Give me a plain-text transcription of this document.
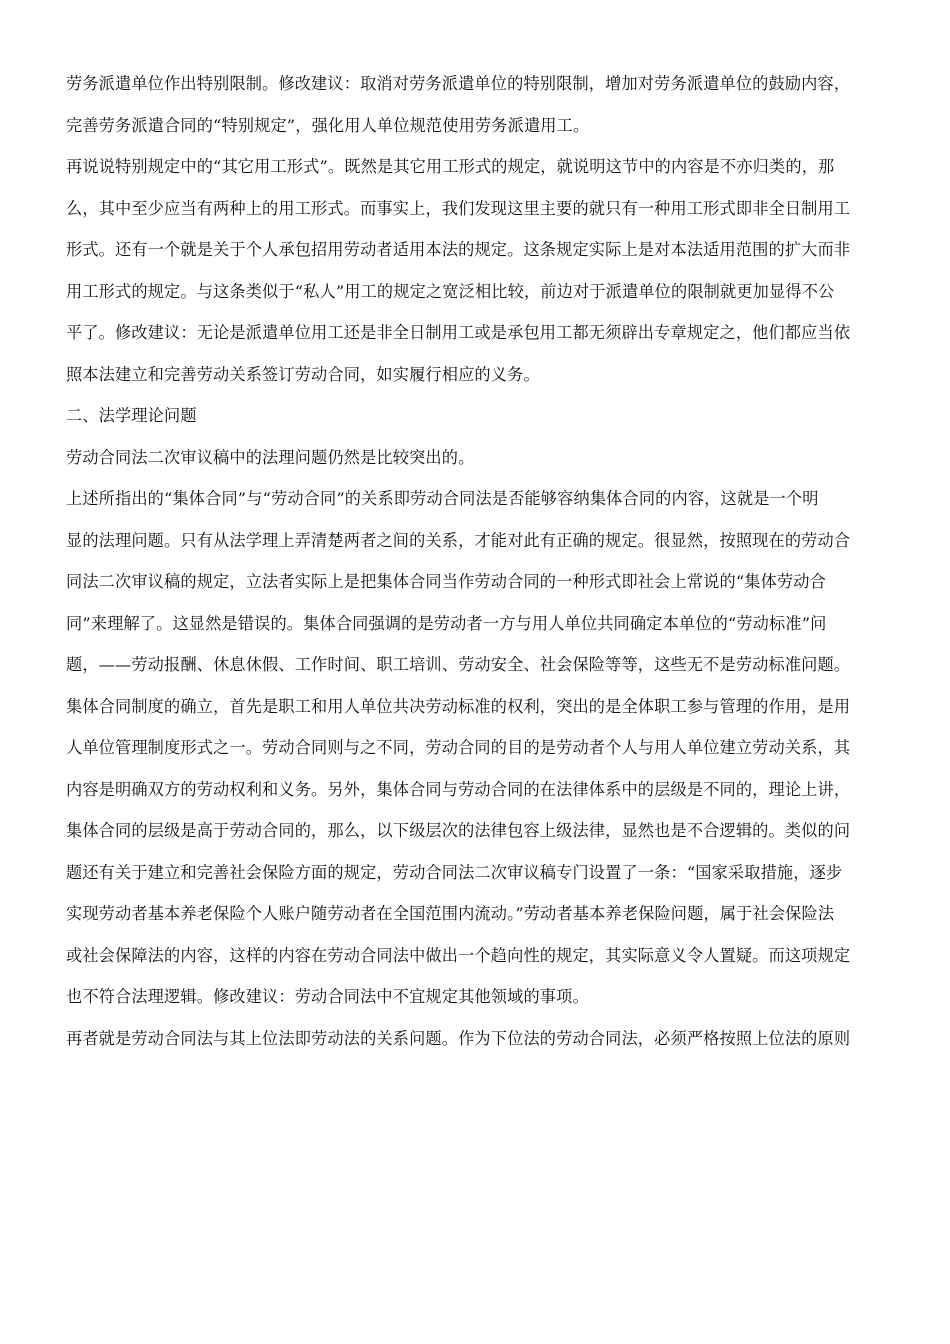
劳务派遣单位作出特别限制。修改建议：取消对劳务派遣单位的特别限制，增加对劳务派遣单位的鼓励内容，
完善劳务派遣合同的“特别规定”，强化用人单位规范使用劳务派遣用工。
再说说特别规定中的“其它用工形式”。既然是其它用工形式的规定，就说明这节中的内容是不亦归类的，那
么，其中至少应当有两种上的用工形式。而事实上，我们发现这里主要的就只有一种用工形式即非全日制用工
形式。还有一个就是关于个人承包招用劳动者适用本法的规定。这条规定实际上是对本法适用范围的扩大而非
用工形式的规定。与这条类似于“私人”用工的规定之宽泛相比较，前边对于派遣单位的限制就更加显得不公
平了。修改建议：无论是派遣单位用工还是非全日制用工或是承包用工都无须辟出专章规定之，他们都应当依
照本法建立和完善劳动关系签订劳动合同，如实履行相应的义务。
二、法学理论问题
劳动合同法二次审议稿中的法理问题仍然是比较突出的。
上述所指出的“集体合同”与“劳动合同”的关系即劳动合同法是否能够容纳集体合同的内容，这就是一个明
显的法理问题。只有从法学理上弄清楚两者之间的关系，才能对此有正确的规定。很显然，按照现在的劳动合
同法二次审议稿的规定，立法者实际上是把集体合同当作劳动合同的一种形式即社会上常说的“集体劳动合
同”来理解了。这显然是错误的。集体合同强调的是劳动者一方与用人单位共同确定本单位的“劳动标准”问
题，——劳动报酬、休息休假、工作时间、职工培训、劳动安全、社会保险等等，这些无不是劳动标准问题。
集体合同制度的确立，首先是职工和用人单位共决劳动标准的权利，突出的是全体职工参与管理的作用，是用
人单位管理制度形式之一。劳动合同则与之不同，劳动合同的目的是劳动者个人与用人单位建立劳动关系，其
内容是明确双方的劳动权利和义务。另外，集体合同与劳动合同的在法律体系中的层级是不同的，理论上讲，
集体合同的层级是高于劳动合同的，那么，以下级层次的法律包容上级法律，显然也是不合逻辑的。类似的问
题还有关于建立和完善社会保险方面的规定，劳动合同法二次审议稿专门设置了一条：“国家采取措施，逐步
实现劳动者基本养老保险个人账户随劳动者在全国范围内流动。”劳动者基本养老保险问题，属于社会保险法
或社会保障法的内容，这样的内容在劳动合同法中做出一个趋向性的规定，其实际意义令人置疑。而这项规定
也不符合法理逻辑。修改建议：劳动合同法中不宜规定其他领域的事项。
再者就是劳动合同法与其上位法即劳动法的关系问题。作为下位法的劳动合同法，必须严格按照上位法的原则
